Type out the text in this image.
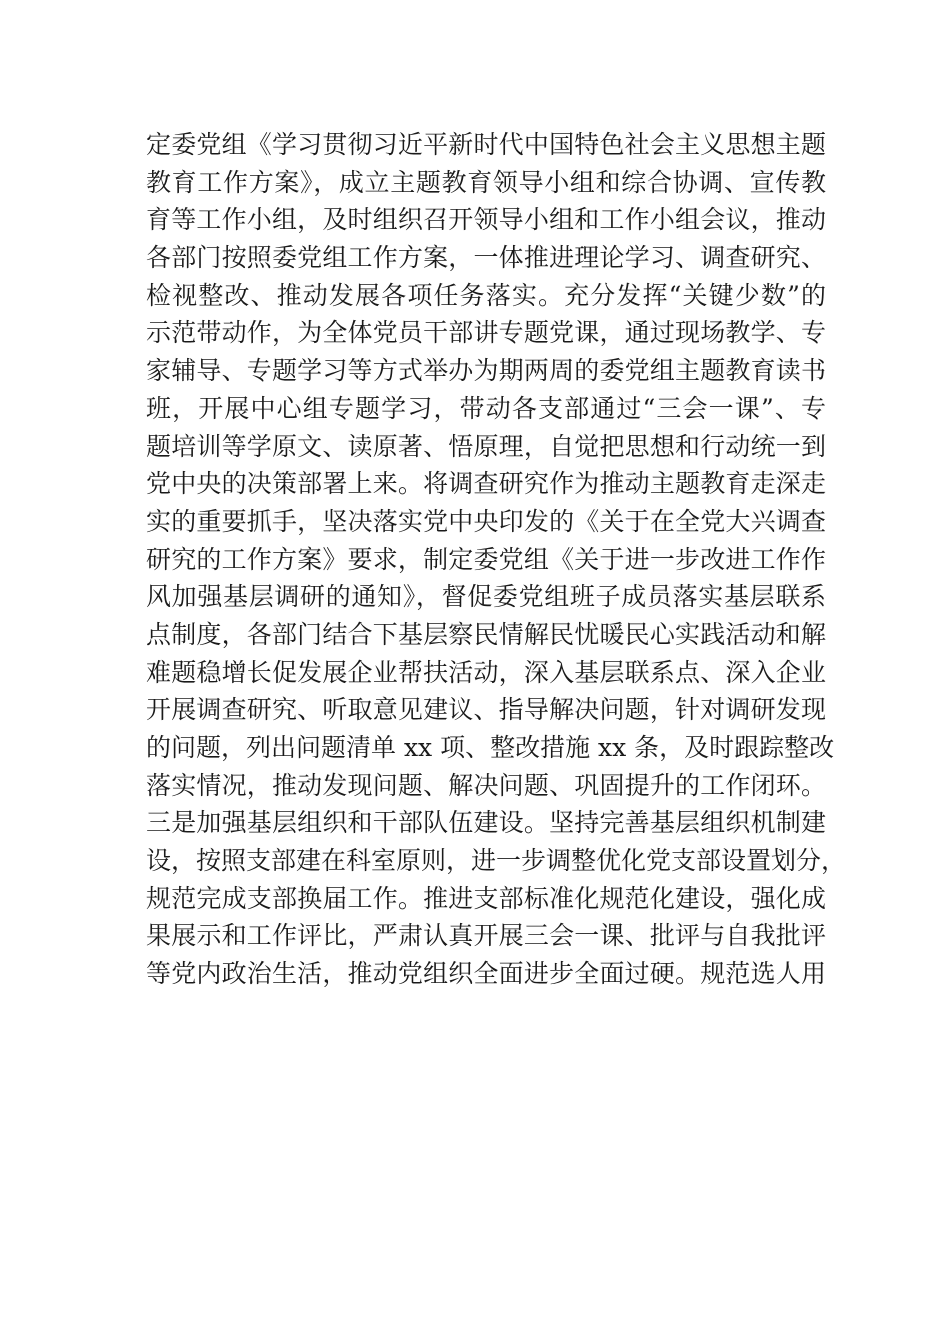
定委党组《学习贯彻习近平新时代中国特色社会主义思想主题

教育工作方案》，成立主题教育领导小组和综合协调、宣传教

育等工作小组，及时组织召开领导小组和工作小组会议，推动

各部门按照委党组工作方案，一体推进理论学习、调查研究、

检视整改、推动发展各项任务落实。充分发挥“关键少数”的

示范带动作，为全体党员干部讲专题党课，通过现场教学、专

家辅导、专题学习等方式举办为期两周的委党组主题教育读书

班，开展中心组专题学习，带动各支部通过“三会一课”、专

题培训等学原文、读原著、悟原理，自觉把思想和行动统一到

党中央的决策部署上来。将调查研究作为推动主题教育走深走

实的重要抓手，坚决落实党中央印发的《关于在全党大兴调查

研究的工作方案》要求，制定委党组《关于进一步改进工作作

风加强基层调研的通知》，督促委党组班子成员落实基层联系

点制度，各部门结合下基层察民情解民忧暖民心实践活动和解

难题稳增长促发展企业帮扶活动，深入基层联系点、深入企业

开展调查研究、听取意见建议、指导解决问题，针对调研发现

的问题，列出问题清单 xx 项、整改措施 xx 条，及时跟踪整改

落实情况，推动发现问题、解决问题、巩固提升的工作闭环。

三是加强基层组织和干部队伍建设。坚持完善基层组织机制建

设，按照支部建在科室原则，进一步调整优化党支部设置划分，

规范完成支部换届工作。推进支部标准化规范化建设，强化成

果展示和工作评比，严肃认真开展三会一课、批评与自我批评

等党内政治生活，推动党组织全面进步全面过硬。规范选人用
